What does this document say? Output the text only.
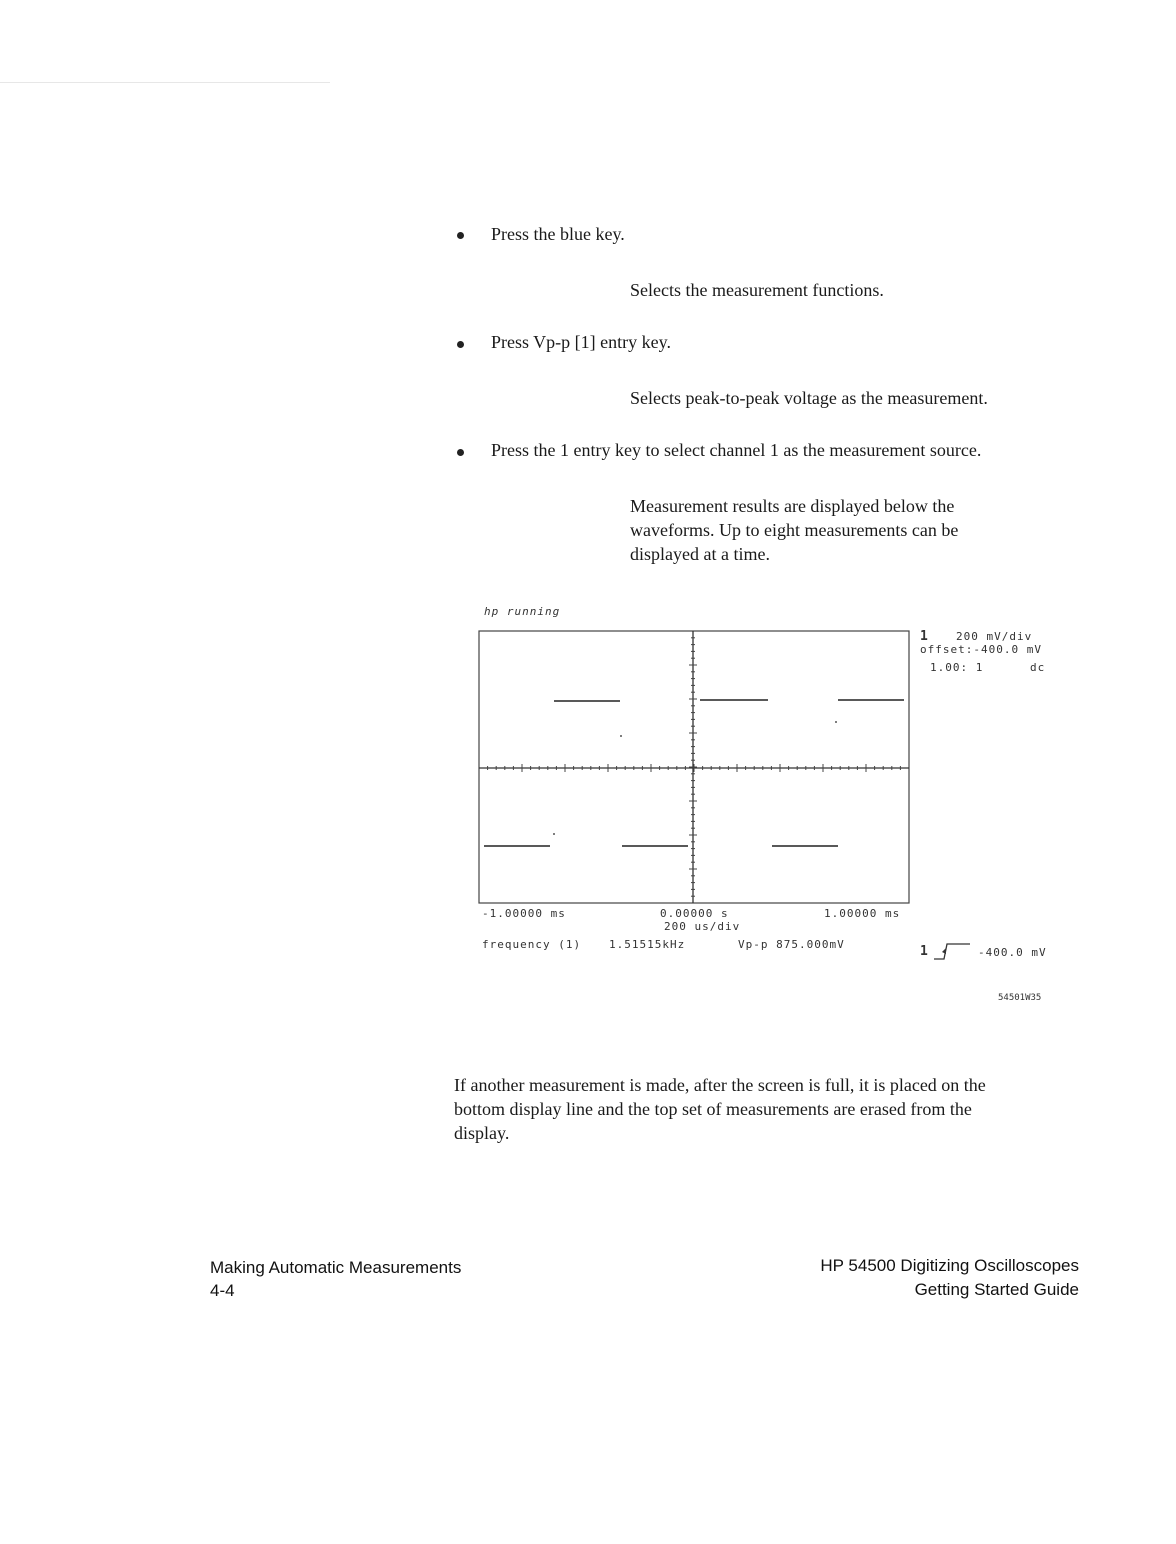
Press the blue key.
Selects the measurement functions.
Press Vp-p [1] entry key.
Selects peak-to-peak voltage as the measurement.
Press the 1 entry key to select channel 1 as the measurement source.
Measurement results are displayed below the
waveforms. Up to eight measurements can be
displayed at a time.
hp running
1 200 mV/div
offset:-400.0 mV
1.00: 1	dc
-1.00000 ms	0.00000 s	1.00000 ms
200 us/div
frequency (1)	1.51515kHz	Vp-p 875.000mV	1	-400.0 mV
54501W35
If another measurement is made, after the screen is full, it is placed on the
bottom display line and the top set of measurements are erased from the
display.
Making Automatic Measurements
4-4
HP 54500 Digitizing Oscilloscopes
Getting Started Guide
